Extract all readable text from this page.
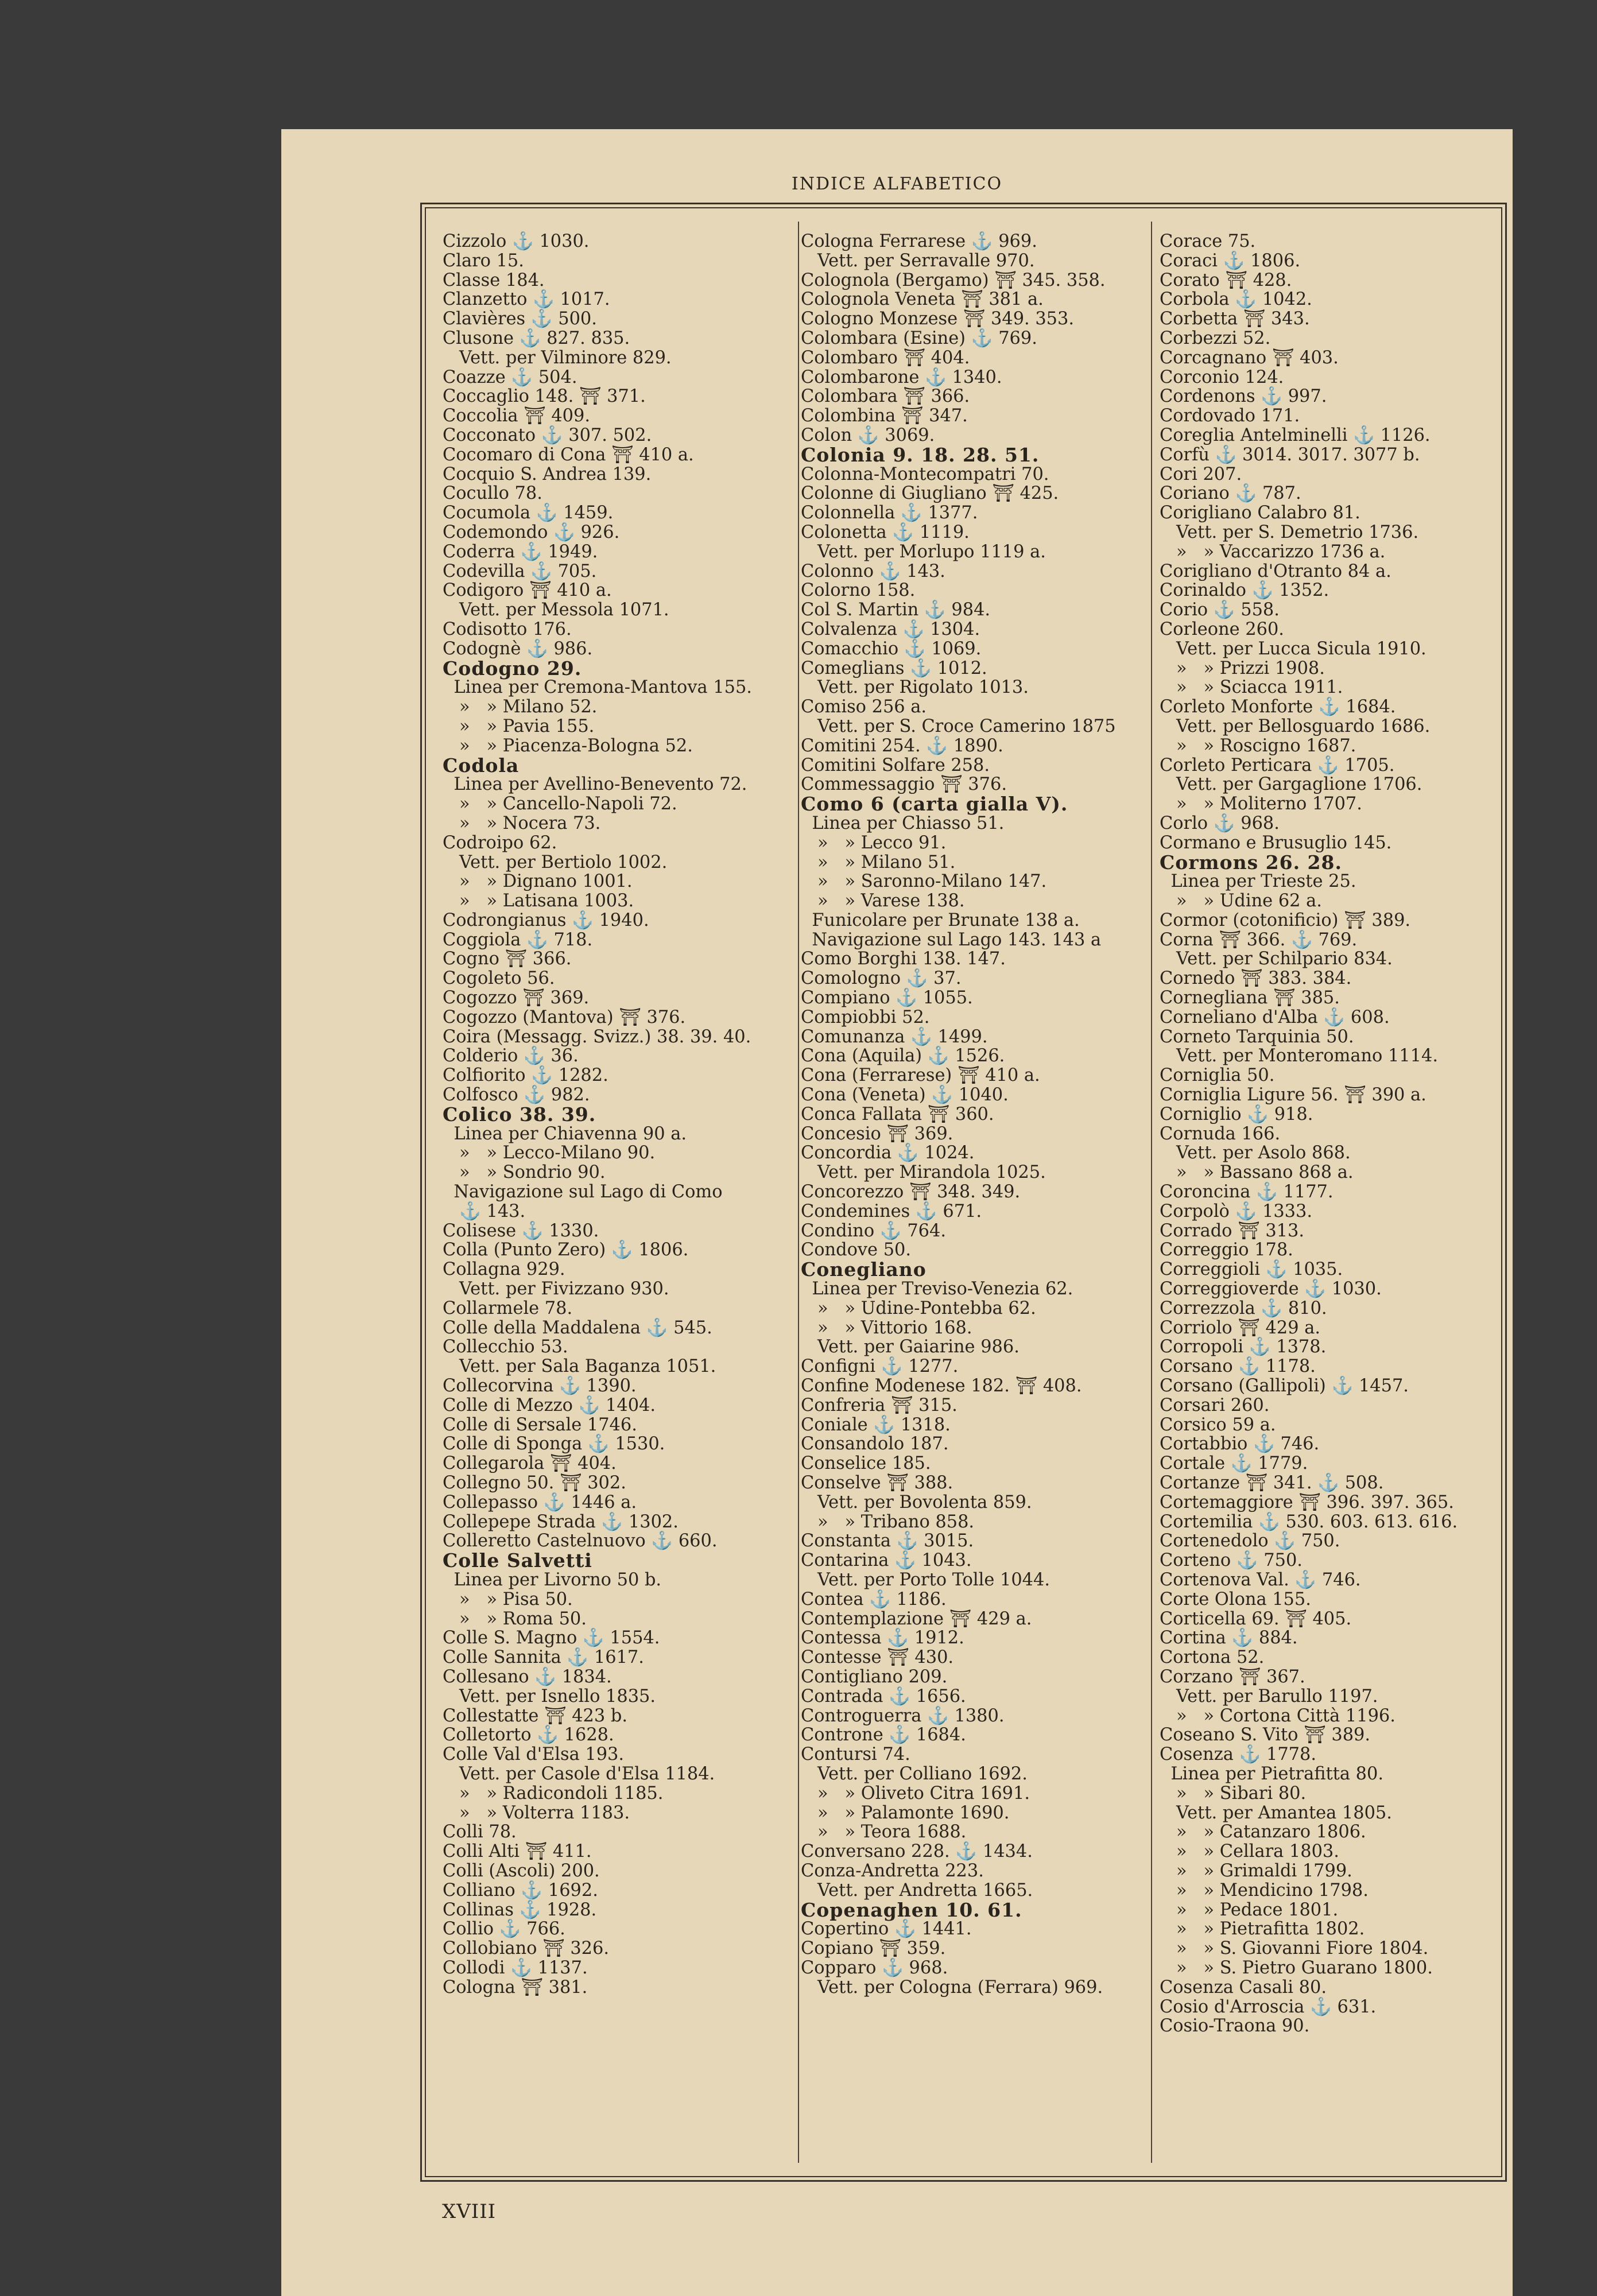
INDICE ALFABETICO
Cizzolo ⚓ 1030.
Claro 15.
Classe 184.
Clanzetto ⚓ 1017.
Clavières ⚓ 500.
Clusone ⚓ 827. 835.
Vett. per Vilminore 829.
Coazze ⚓ 504.
Coccaglio 148. ⛩ 371.
Coccolia ⛩ 409.
Cocconato ⚓ 307. 502.
Cocomaro di Cona ⛩ 410 a.
Cocquio S. Andrea 139.
Cocullo 78.
Cocumola ⚓ 1459.
Codemondo ⚓ 926.
Coderra ⚓ 1949.
Codevilla ⚓ 705.
Codigoro ⛩ 410 a.
Vett. per Messola 1071.
Codisotto 176.
Codognè ⚓ 986.
Codogno 29.
Linea per Cremona-Mantova 155.
»   » Milano 52.
»   » Pavia 155.
»   » Piacenza-Bologna 52.
Codola
Linea per Avellino-Benevento 72.
»   » Cancello-Napoli 72.
»   » Nocera 73.
Codroipo 62.
Vett. per Bertiolo 1002.
»   » Dignano 1001.
»   » Latisana 1003.
Codrongianus ⚓ 1940.
Coggiola ⚓ 718.
Cogno ⛩ 366.
Cogoleto 56.
Cogozzo ⛩ 369.
Cogozzo (Mantova) ⛩ 376.
Coira (Messagg. Svizz.) 38. 39. 40.
Colderio ⚓ 36.
Colfiorito ⚓ 1282.
Colfosco ⚓ 982.
Colico 38. 39.
Linea per Chiavenna 90 a.
»   » Lecco-Milano 90.
»   » Sondrio 90.
Navigazione sul Lago di Como
⚓ 143.
Colisese ⚓ 1330.
Colla (Punto Zero) ⚓ 1806.
Collagna 929.
Vett. per Fivizzano 930.
Collarmele 78.
Colle della Maddalena ⚓ 545.
Collecchio 53.
Vett. per Sala Baganza 1051.
Collecorvina ⚓ 1390.
Colle di Mezzo ⚓ 1404.
Colle di Sersale 1746.
Colle di Sponga ⚓ 1530.
Collegarola ⛩ 404.
Collegno 50. ⛩ 302.
Collepasso ⚓ 1446 a.
Collepepe Strada ⚓ 1302.
Colleretto Castelnuovo ⚓ 660.
Colle Salvetti
Linea per Livorno 50 b.
»   » Pisa 50.
»   » Roma 50.
Colle S. Magno ⚓ 1554.
Colle Sannita ⚓ 1617.
Collesano ⚓ 1834.
Vett. per Isnello 1835.
Collestatte ⛩ 423 b.
Colletorto ⚓ 1628.
Colle Val d'Elsa 193.
Vett. per Casole d'Elsa 1184.
»   » Radicondoli 1185.
»   » Volterra 1183.
Colli 78.
Colli Alti ⛩ 411.
Colli (Ascoli) 200.
Colliano ⚓ 1692.
Collinas ⚓ 1928.
Collio ⚓ 766.
Collobiano ⛩ 326.
Collodi ⚓ 1137.
Cologna ⛩ 381.
Cologna Ferrarese ⚓ 969.
Vett. per Serravalle 970.
Colognola (Bergamo) ⛩ 345. 358.
Colognola Veneta ⛩ 381 a.
Cologno Monzese ⛩ 349. 353.
Colombara (Esine) ⚓ 769.
Colombaro ⛩ 404.
Colombarone ⚓ 1340.
Colombara ⛩ 366.
Colombina ⛩ 347.
Colon ⚓ 3069.
Colonia 9. 18. 28. 51.
Colonna-Montecompatri 70.
Colonne di Giugliano ⛩ 425.
Colonnella ⚓ 1377.
Colonetta ⚓ 1119.
Vett. per Morlupo 1119 a.
Colonno ⚓ 143.
Colorno 158.
Col S. Martin ⚓ 984.
Colvalenza ⚓ 1304.
Comacchio ⚓ 1069.
Comeglians ⚓ 1012.
Vett. per Rigolato 1013.
Comiso 256 a.
Vett. per S. Croce Camerino 1875
Comitini 254. ⚓ 1890.
Comitini Solfare 258.
Commessaggio ⛩ 376.
Como 6 (carta gialla V).
Linea per Chiasso 51.
»   » Lecco 91.
»   » Milano 51.
»   » Saronno-Milano 147.
»   » Varese 138.
Funicolare per Brunate 138 a.
Navigazione sul Lago 143. 143 a
Como Borghi 138. 147.
Comologno ⚓ 37.
Compiano ⚓ 1055.
Compiobbi 52.
Comunanza ⚓ 1499.
Cona (Aquila) ⚓ 1526.
Cona (Ferrarese) ⛩ 410 a.
Cona (Veneta) ⚓ 1040.
Conca Fallata ⛩ 360.
Concesio ⛩ 369.
Concordia ⚓ 1024.
Vett. per Mirandola 1025.
Concorezzo ⛩ 348. 349.
Condemines ⚓ 671.
Condino ⚓ 764.
Condove 50.
Conegliano
Linea per Treviso-Venezia 62.
»   » Udine-Pontebba 62.
»   » Vittorio 168.
Vett. per Gaiarine 986.
Configni ⚓ 1277.
Confine Modenese 182. ⛩ 408.
Confreria ⛩ 315.
Coniale ⚓ 1318.
Consandolo 187.
Conselice 185.
Conselve ⛩ 388.
Vett. per Bovolenta 859.
»   » Tribano 858.
Constanta ⚓ 3015.
Contarina ⚓ 1043.
Vett. per Porto Tolle 1044.
Contea ⚓ 1186.
Contemplazione ⛩ 429 a.
Contessa ⚓ 1912.
Contesse ⛩ 430.
Contigliano 209.
Contrada ⚓ 1656.
Controguerra ⚓ 1380.
Controne ⚓ 1684.
Contursi 74.
Vett. per Colliano 1692.
»   » Oliveto Citra 1691.
»   » Palamonte 1690.
»   » Teora 1688.
Conversano 228. ⚓ 1434.
Conza-Andretta 223.
Vett. per Andretta 1665.
Copenaghen 10. 61.
Copertino ⚓ 1441.
Copiano ⛩ 359.
Copparo ⚓ 968.
Vett. per Cologna (Ferrara) 969.
Corace 75.
Coraci ⚓ 1806.
Corato ⛩ 428.
Corbola ⚓ 1042.
Corbetta ⛩ 343.
Corbezzi 52.
Corcagnano ⛩ 403.
Corconio 124.
Cordenons ⚓ 997.
Cordovado 171.
Coreglia Antelminelli ⚓ 1126.
Corfù ⚓ 3014. 3017. 3077 b.
Cori 207.
Coriano ⚓ 787.
Corigliano Calabro 81.
Vett. per S. Demetrio 1736.
»   » Vaccarizzo 1736 a.
Corigliano d'Otranto 84 a.
Corinaldo ⚓ 1352.
Corio ⚓ 558.
Corleone 260.
Vett. per Lucca Sicula 1910.
»   » Prizzi 1908.
»   » Sciacca 1911.
Corleto Monforte ⚓ 1684.
Vett. per Bellosguardo 1686.
»   » Roscigno 1687.
Corleto Perticara ⚓ 1705.
Vett. per Gargaglione 1706.
»   » Moliterno 1707.
Corlo ⚓ 968.
Cormano e Brusuglio 145.
Cormons 26. 28.
Linea per Trieste 25.
»   » Udine 62 a.
Cormor (cotonificio) ⛩ 389.
Corna ⛩ 366. ⚓ 769.
Vett. per Schilpario 834.
Cornedo ⛩ 383. 384.
Cornegliana ⛩ 385.
Corneliano d'Alba ⚓ 608.
Corneto Tarquinia 50.
Vett. per Monteromano 1114.
Corniglia 50.
Corniglia Ligure 56. ⛩ 390 a.
Corniglio ⚓ 918.
Cornuda 166.
Vett. per Asolo 868.
»   » Bassano 868 a.
Coroncina ⚓ 1177.
Corpolò ⚓ 1333.
Corrado ⛩ 313.
Correggio 178.
Correggioli ⚓ 1035.
Correggioverde ⚓ 1030.
Correzzola ⚓ 810.
Corriolo ⛩ 429 a.
Corropoli ⚓ 1378.
Corsano ⚓ 1178.
Corsano (Gallipoli) ⚓ 1457.
Corsari 260.
Corsico 59 a.
Cortabbio ⚓ 746.
Cortale ⚓ 1779.
Cortanze ⛩ 341. ⚓ 508.
Cortemaggiore ⛩ 396. 397. 365.
Cortemilia ⚓ 530. 603. 613. 616.
Cortenedolo ⚓ 750.
Corteno ⚓ 750.
Cortenova Val. ⚓ 746.
Corte Olona 155.
Corticella 69. ⛩ 405.
Cortina ⚓ 884.
Cortona 52.
Corzano ⛩ 367.
Vett. per Barullo 1197.
»   » Cortona Città 1196.
Coseano S. Vito ⛩ 389.
Cosenza ⚓ 1778.
Linea per Pietrafitta 80.
»   » Sibari 80.
Vett. per Amantea 1805.
»   » Catanzaro 1806.
»   » Cellara 1803.
»   » Grimaldi 1799.
»   » Mendicino 1798.
»   » Pedace 1801.
»   » Pietrafitta 1802.
»   » S. Giovanni Fiore 1804.
»   » S. Pietro Guarano 1800.
Cosenza Casali 80.
Cosio d'Arroscia ⚓ 631.
Cosio-Traona 90.
XVIII
